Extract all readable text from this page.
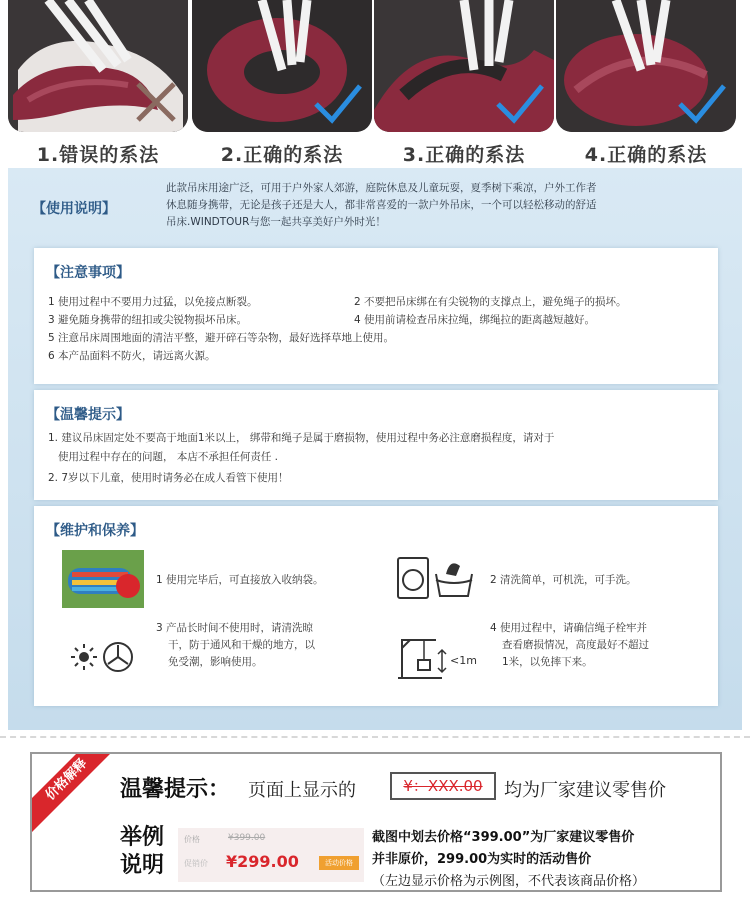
1.错误的系法	2.正确的系法	3.正确的系法	4.正确的系法
【使用说明】
此款吊床用途广泛，可用于户外家人郊游，庭院休息及儿童玩耍，夏季树下乘凉，户外工作者
休息随身携带，无论是孩子还是大人，都非常喜爱的一款户外吊床，一个可以轻松移动的舒适
吊床.WINDTOUR与您一起共享美好户外时光！
【注意事项】
1 使用过程中不要用力过猛，以免接点断裂。	2 不要把吊床绑在有尖锐物的支撑点上，避免绳子的损坏。
3 避免随身携带的纽扣或尖锐物损坏吊床。	4 使用前请检查吊床拉绳，绑绳拉的距离越短越好。
5 注意吊床周围地面的清洁平整，避开碎石等杂物，最好选择草地上使用。
6 本产品面料不防火，请远离火源。
【温馨提示】
1. 建议吊床固定处不要高于地面1米以上， 绑带和绳子是属于磨损物，使用过程中务必注意磨损程度，请对于
使用过程中存在的问题， 本店不承担任何责任 .
2. 7岁以下儿童，使用时请务必在成人看管下使用！
【维护和保养】
1 使用完毕后，可直接放入收纳袋。	2 清洗简单，可机洗，可手洗。
3 产品长时间不使用时，请清洗晾
干，防于通风和干燥的地方，以
免受潮，影响使用。	<1m
4 使用过程中，请确信绳子栓牢并
查看磨损情况，高度最好不超过
1米，以免摔下来。
价格解释	温馨提示： 页面上显示的	¥：XXX.00	均为厂家建议零售价
举例
说明
价格	¥399.00
促销价 ¥299.00	活动价格
截图中划去价格“399.00”为厂家建议零售价
并非原价，299.00为实时的活动售价
（左边显示价格为示例图，不代表该商品价格）
